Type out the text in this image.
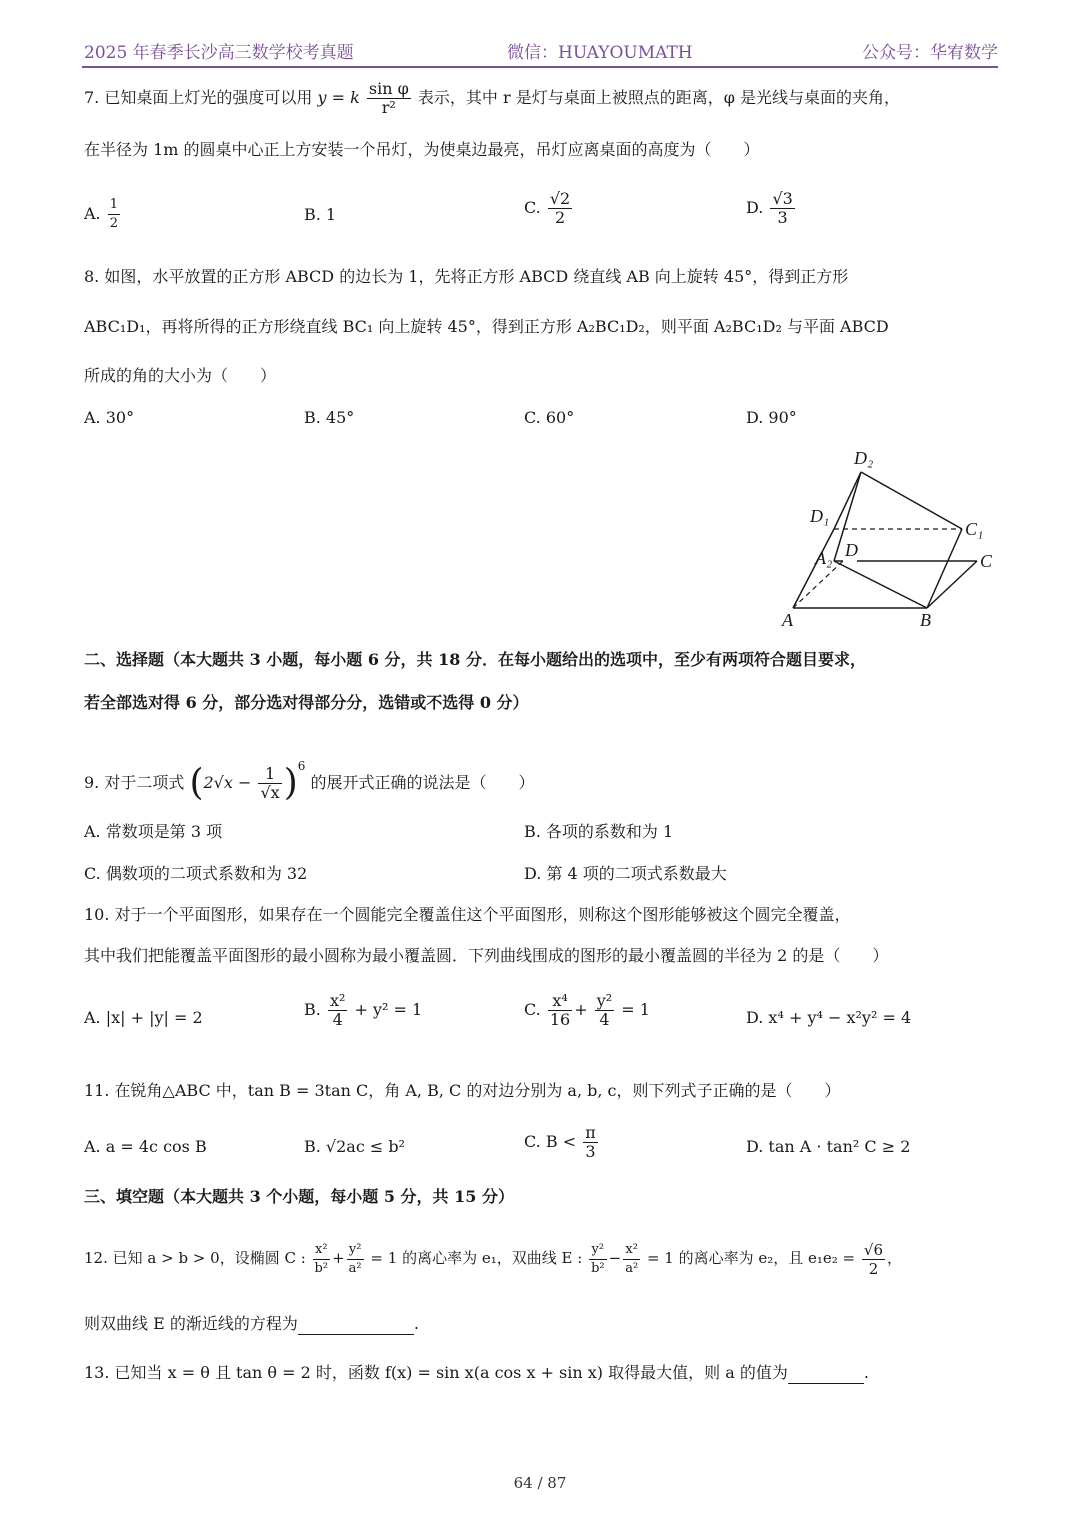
2025 年春季长沙高三数学校考真题	微信：HUAYOUMATH	公众号：华宥数学
7. 已知桌面上灯光的强度可以用 y = k $\frac{\text{sin φ}}{\text{r²}}$ 表示，其中 r 是灯与桌面上被照点的距离，φ 是光线与桌面的夹角，
在半径为 1m 的圆桌中心正上方安装一个吊灯，为使桌边最亮，吊灯应离桌面的高度为（　　）
A. $\frac{1}{2}$	B. 1	C. $\frac{√2}{2}$	D. $\frac{√3}{3}$
8. 如图，水平放置的正方形 ABCD 的边长为 1，先将正方形 ABCD 绕直线 AB 向上旋转 45°，得到正方形
ABC₁D₁，再将所得的正方形绕直线 BC₁ 向上旋转 45°，得到正方形 A₂BC₁D₂，则平面 A₂BC₁D₂ 与平面 ABCD
所成的角的大小为（　　）
A. 30°	B. 45°	C. 60°	D. 90°
D₂
D₁
C₁
D
A₂	C
A	B
二、选择题（本大题共 3 小题，每小题 6 分，共 18 分．在每小题给出的选项中，至少有两项符合题目要求，
若全部选对得 6 分，部分选对得部分分，选错或不选得 0 分）
9. 对于二项式 $(2√x - \frac{1}{√x} )^6$ 的展开式正确的说法是（　　）
A. 常数项是第 3 项	B. 各项的系数和为 1
C. 偶数项的二项式系数和为 32	D. 第 4 项的二项式系数最大
10. 对于一个平面图形，如果存在一个圆能完全覆盖住这个平面图形，则称这个图形能够被这个圆完全覆盖，
其中我们把能覆盖平面图形的最小圆称为最小覆盖圆．下列曲线围成的图形的最小覆盖圆的半径为 2 的是（　　）
A. |x| + |y| = 2	B. $\frac{\text{x²}}{4} + y^2 = 1$	C. $\frac{\text{x⁴}}{16} + \frac{\text{y²}}{4} = 1$	D. x⁴ + y⁴ − x²y² = 4
11. 在锐角△ABC 中，tan B = 3tan C，角 A, B, C 的对边分别为 a, b, c，则下列式子正确的是（　　）
A. a = 4c cos B	B. √2ac ≤ b²	C. $B < \frac{\pi}{3}$	D. tan A · tan² C ≥ 2
三、填空题（本大题共 3 个小题，每小题 5 分，共 15 分）
12. 已知 a > b > 0，设椭圆 C : $\frac{\text{x²}}{\text{b²}} + \frac{\text{y²}}{\text{a²}} = 1$ 的离心率为 e₁，双曲线 E : $\frac{\text{y²}}{\text{b²}} - \frac{\text{x²}}{\text{a²}} = 1$ 的离心率为 e₂，且 $e_1e_2 = \frac{√6}{2}$ ，
则双曲线 E 的渐近线的方程为	.
13. 已知当 x = θ 且 tan θ = 2 时，函数 f(x) = sin x(a cos x + sin x) 取得最大值，则 a 的值为	.
64 / 87
